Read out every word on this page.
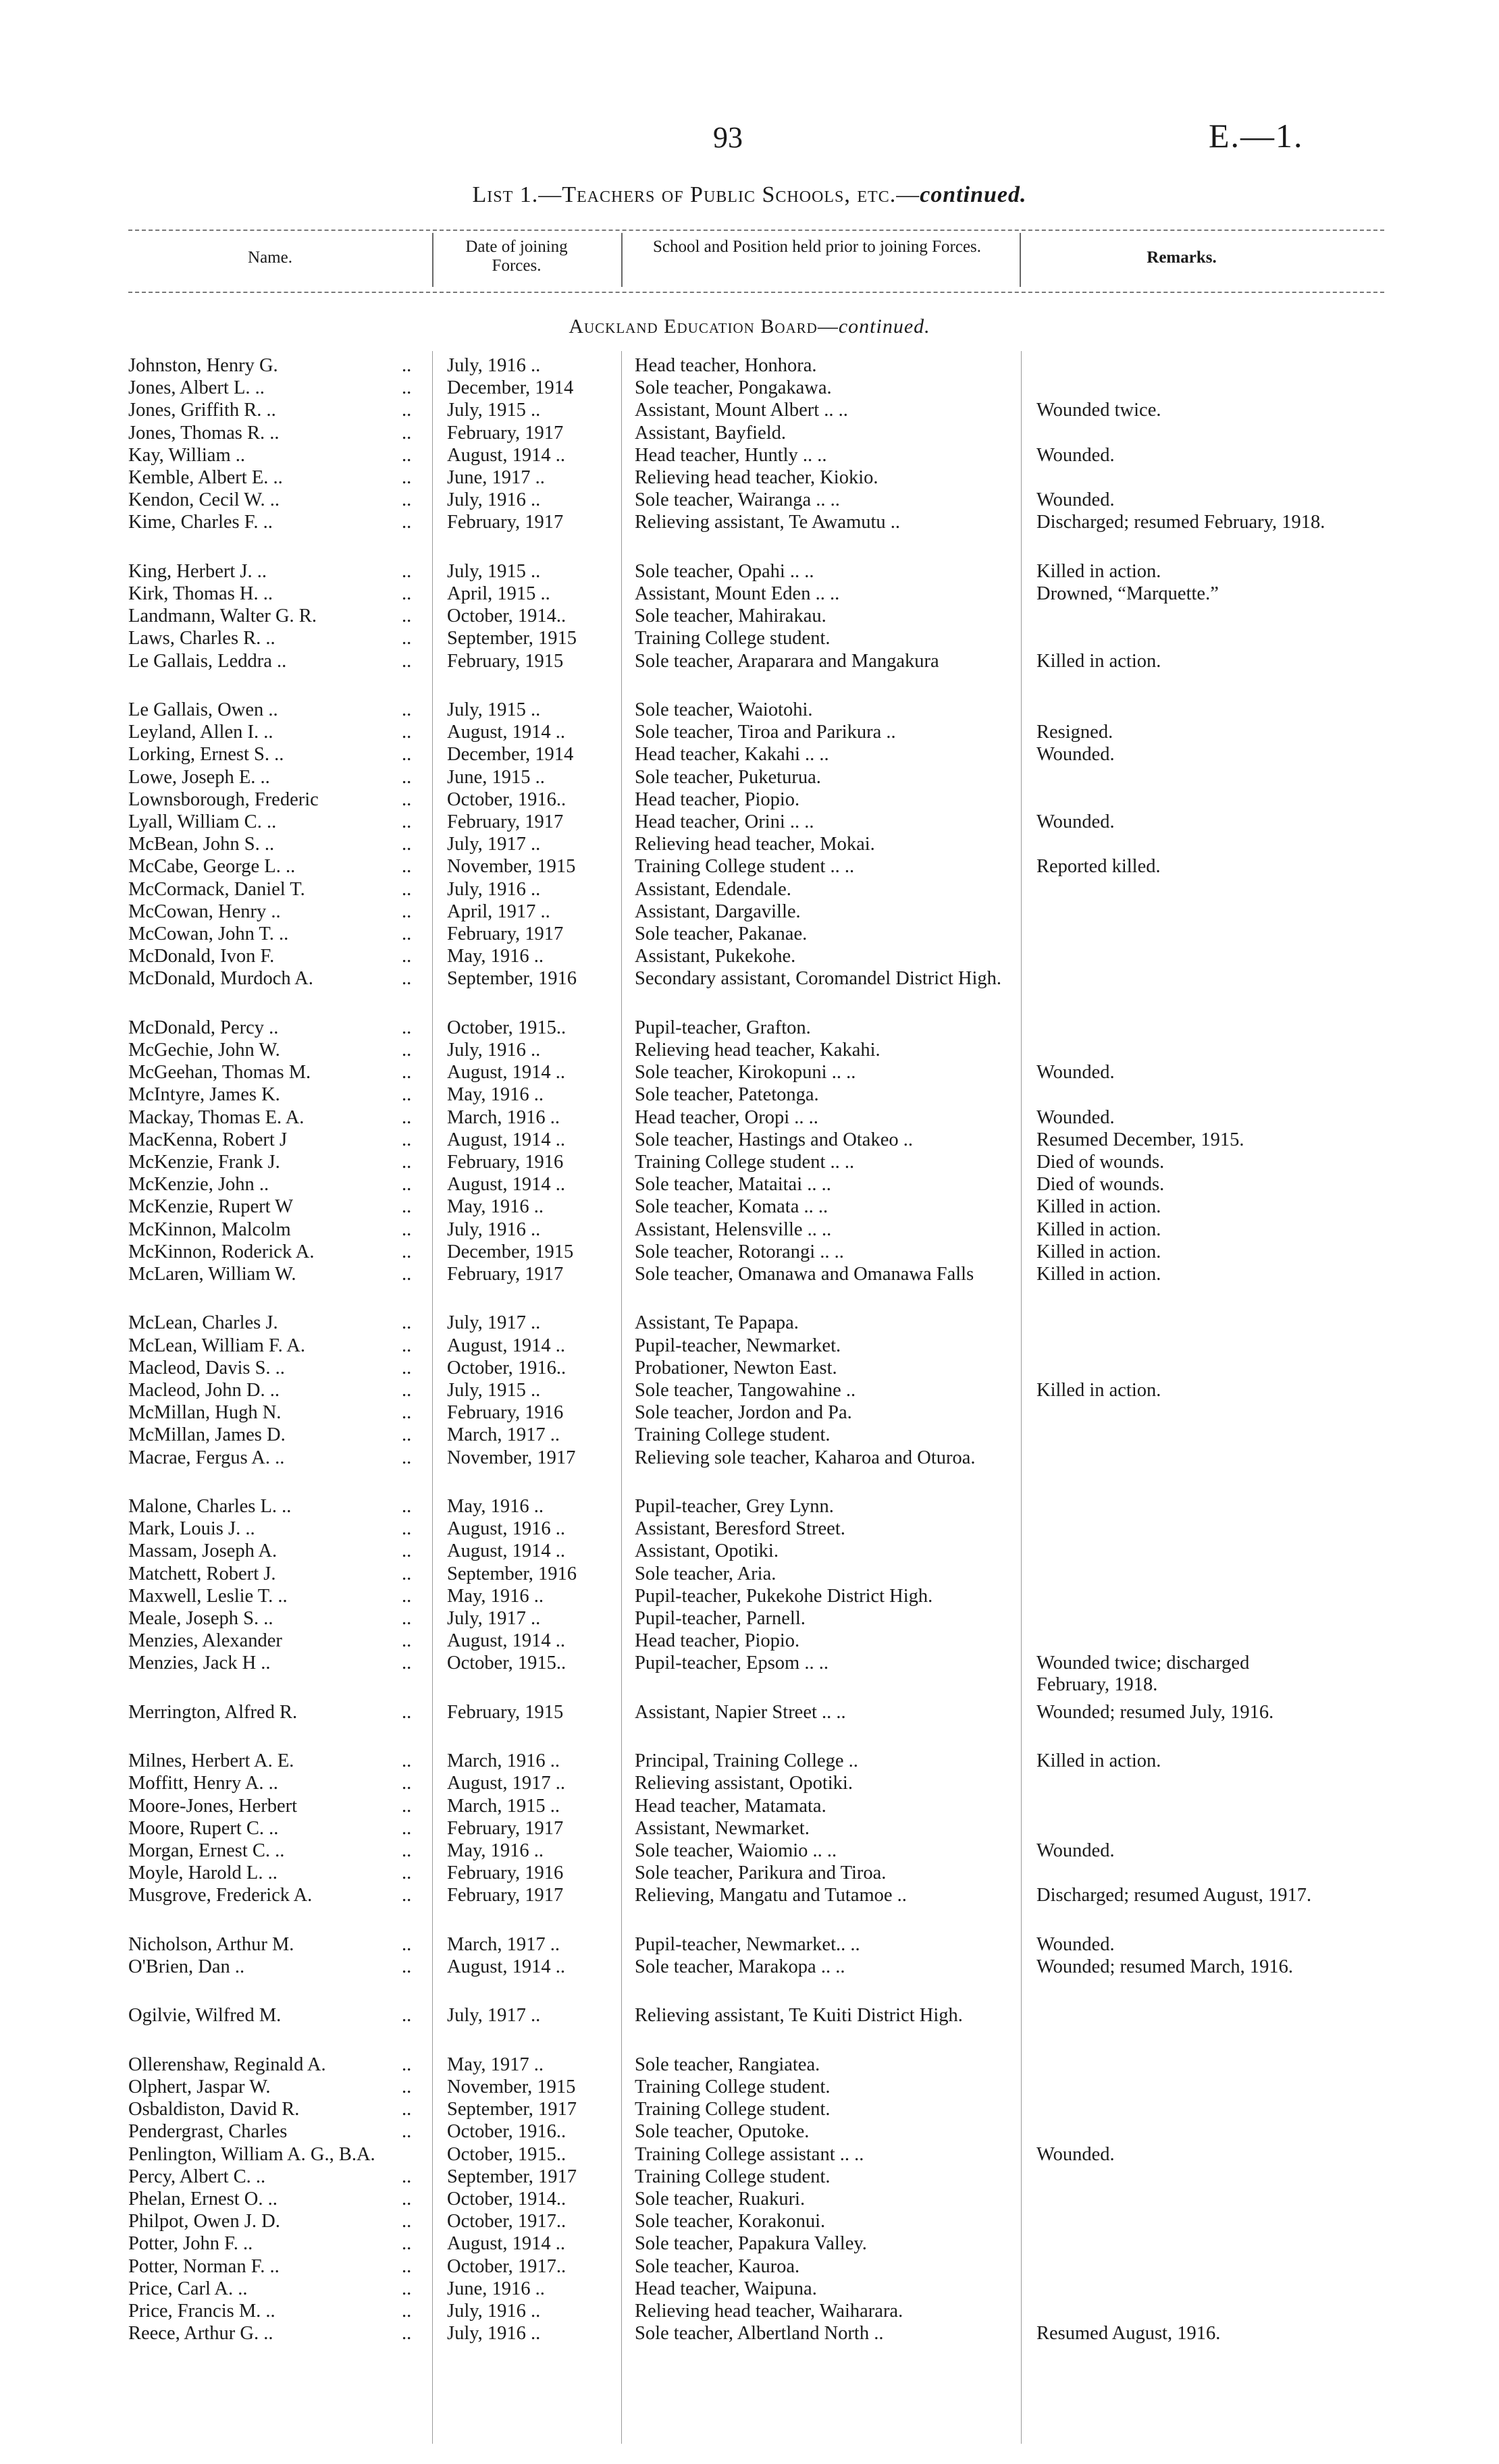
93	E.—1.
List 1.—Teachers of Public Schools, etc.—continued.
Name.
Date of joining Forces.
School and Position held prior to joining Forces.
Remarks.
Auckland Education Board—continued.
Johnston, Henry G.	.. July, 1916 ..	Head teacher, Honhora.
Jones, Albert L. ..	.. December, 1914	Sole teacher, Pongakawa.
Jones, Griffith R. ..	.. July, 1915 ..	Assistant, Mount Albert .. ..	Wounded twice.
Jones, Thomas R. ..	.. February, 1917	Assistant, Bayfield.
Kay, William ..	.. August, 1914 ..	Head teacher, Huntly .. ..	Wounded.
Kemble, Albert E. ..	.. June, 1917 ..	Relieving head teacher, Kiokio.
Kendon, Cecil W. ..	.. July, 1916 ..	Sole teacher, Wairanga .. ..	Wounded.
Kime, Charles F. ..	.. February, 1917	Relieving assistant, Te Awamutu ..	Discharged; resumed February, 1918.
King, Herbert J. ..	.. July, 1915 ..	Sole teacher, Opahi .. ..	Killed in action.
Kirk, Thomas H. ..	.. April, 1915 ..	Assistant, Mount Eden .. ..	Drowned, “Marquette.”
Landmann, Walter G. R.	.. October, 1914..	Sole teacher, Mahirakau.
Laws, Charles R. ..	.. September, 1915	Training College student.
Le Gallais, Leddra ..	.. February, 1915	Sole teacher, Araparara and Mangakura	Killed in action.
Le Gallais, Owen ..	.. July, 1915 ..	Sole teacher, Waiotohi.
Leyland, Allen I. ..	.. August, 1914 ..	Sole teacher, Tiroa and Parikura ..	Resigned.
Lorking, Ernest S. ..	.. December, 1914	Head teacher, Kakahi .. ..	Wounded.
Lowe, Joseph E. ..	.. June, 1915 ..	Sole teacher, Puketurua.
Lownsborough, Frederic	.. October, 1916..	Head teacher, Piopio.
Lyall, William C. ..	.. February, 1917	Head teacher, Orini .. ..	Wounded.
McBean, John S. ..	.. July, 1917 ..	Relieving head teacher, Mokai.
McCabe, George L. ..	.. November, 1915	Training College student .. ..	Reported killed.
McCormack, Daniel T.	.. July, 1916 ..	Assistant, Edendale.
McCowan, Henry ..	.. April, 1917 ..	Assistant, Dargaville.
McCowan, John T. ..	.. February, 1917	Sole teacher, Pakanae.
McDonald, Ivon F.	.. May, 1916 ..	Assistant, Pukekohe.
McDonald, Murdoch A.	.. September, 1916	Secondary assistant, Coromandel District High.
McDonald, Percy ..	.. October, 1915..	Pupil-teacher, Grafton.
McGechie, John W.	.. July, 1916 ..	Relieving head teacher, Kakahi.
McGeehan, Thomas M.	.. August, 1914 ..	Sole teacher, Kirokopuni .. ..	Wounded.
McIntyre, James K.	.. May, 1916 ..	Sole teacher, Patetonga.
Mackay, Thomas E. A.	.. March, 1916 ..	Head teacher, Oropi .. ..	Wounded.
MacKenna, Robert J	.. August, 1914 ..	Sole teacher, Hastings and Otakeo ..	Resumed December, 1915.
McKenzie, Frank J.	.. February, 1916	Training College student .. ..	Died of wounds.
McKenzie, John ..	.. August, 1914 ..	Sole teacher, Mataitai .. ..	Died of wounds.
McKenzie, Rupert W	.. May, 1916 ..	Sole teacher, Komata .. ..	Killed in action.
McKinnon, Malcolm	.. July, 1916 ..	Assistant, Helensville .. ..	Killed in action.
McKinnon, Roderick A.	.. December, 1915	Sole teacher, Rotorangi .. ..	Killed in action.
McLaren, William W.	.. February, 1917	Sole teacher, Omanawa and Omanawa Falls	Killed in action.
McLean, Charles J.	.. July, 1917 ..	Assistant, Te Papapa.
McLean, William F. A.	.. August, 1914 ..	Pupil-teacher, Newmarket.
Macleod, Davis S. ..	.. October, 1916..	Probationer, Newton East.
Macleod, John D. ..	.. July, 1915 ..	Sole teacher, Tangowahine ..	Killed in action.
McMillan, Hugh N.	.. February, 1916	Sole teacher, Jordon and Pa.
McMillan, James D.	.. March, 1917 ..	Training College student.
Macrae, Fergus A. ..	.. November, 1917	Relieving sole teacher, Kaharoa and Oturoa.
Malone, Charles L. ..	.. May, 1916 ..	Pupil-teacher, Grey Lynn.
Mark, Louis J. ..	.. August, 1916 ..	Assistant, Beresford Street.
Massam, Joseph A.	.. August, 1914 ..	Assistant, Opotiki.
Matchett, Robert J.	.. September, 1916	Sole teacher, Aria.
Maxwell, Leslie T. ..	.. May, 1916 ..	Pupil-teacher, Pukekohe District High.
Meale, Joseph S. ..	.. July, 1917 ..	Pupil-teacher, Parnell.
Menzies, Alexander	.. August, 1914 ..	Head teacher, Piopio.
Menzies, Jack H ..	.. October, 1915..	Pupil-teacher, Epsom .. ..	Wounded twice; discharged February, 1918.
Merrington, Alfred R.	.. February, 1915	Assistant, Napier Street .. ..	Wounded; resumed July, 1916.
Milnes, Herbert A. E.	.. March, 1916 ..	Principal, Training College ..	Killed in action.
Moffitt, Henry A. ..	.. August, 1917 ..	Relieving assistant, Opotiki.
Moore-Jones, Herbert	.. March, 1915 ..	Head teacher, Matamata.
Moore, Rupert C. ..	.. February, 1917	Assistant, Newmarket.
Morgan, Ernest C. ..	.. May, 1916 ..	Sole teacher, Waiomio .. ..	Wounded.
Moyle, Harold L. ..	.. February, 1916	Sole teacher, Parikura and Tiroa.
Musgrove, Frederick A.	.. February, 1917	Relieving, Mangatu and Tutamoe ..	Discharged; resumed August, 1917.
Nicholson, Arthur M.	.. March, 1917 ..	Pupil-teacher, Newmarket.. ..	Wounded.
O'Brien, Dan ..	.. August, 1914 ..	Sole teacher, Marakopa .. ..	Wounded; resumed March, 1916.
Ogilvie, Wilfred M.	.. July, 1917 ..	Relieving assistant, Te Kuiti District High.
Ollerenshaw, Reginald A.	.. May, 1917 ..	Sole teacher, Rangiatea.
Olphert, Jaspar W.	.. November, 1915	Training College student.
Osbaldiston, David R.	.. September, 1917	Training College student.
Pendergrast, Charles	.. October, 1916..	Sole teacher, Oputoke.
Penlington, William A. G., B.A.	October, 1915..	Training College assistant .. ..	Wounded.
Percy, Albert C. ..	.. September, 1917	Training College student.
Phelan, Ernest O. ..	.. October, 1914..	Sole teacher, Ruakuri.
Philpot, Owen J. D.	.. October, 1917..	Sole teacher, Korakonui.
Potter, John F. ..	.. August, 1914 ..	Sole teacher, Papakura Valley.
Potter, Norman F. ..	.. October, 1917..	Sole teacher, Kauroa.
Price, Carl A. ..	.. June, 1916 ..	Head teacher, Waipuna.
Price, Francis M. ..	.. July, 1916 ..	Relieving head teacher, Waiharara.
Reece, Arthur G. ..	.. July, 1916 ..	Sole teacher, Albertland North ..	Resumed August, 1916.
